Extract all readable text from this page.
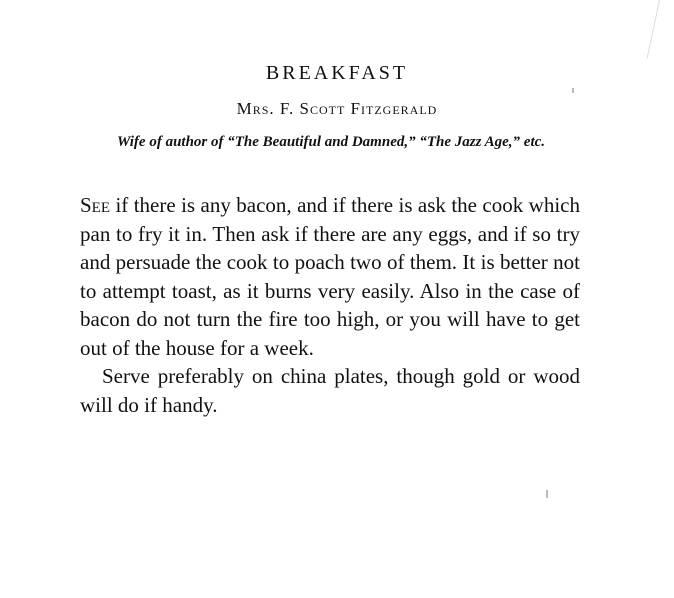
BREAKFAST
Mrs. F. Scott Fitzgerald
Wife of author of “The Beautiful and Damned,” “The Jazz Age,” etc.

See if there is any bacon, and if there is ask the cook which pan to fry it in. Then ask if there are any eggs, and if so try and persuade the cook to poach two of them. It is better not to attempt toast, as it burns very easily. Also in the case of bacon do not turn the fire too high, or you will have to get out of the house for a week.

Serve preferably on china plates, though gold or wood will do if handy.
